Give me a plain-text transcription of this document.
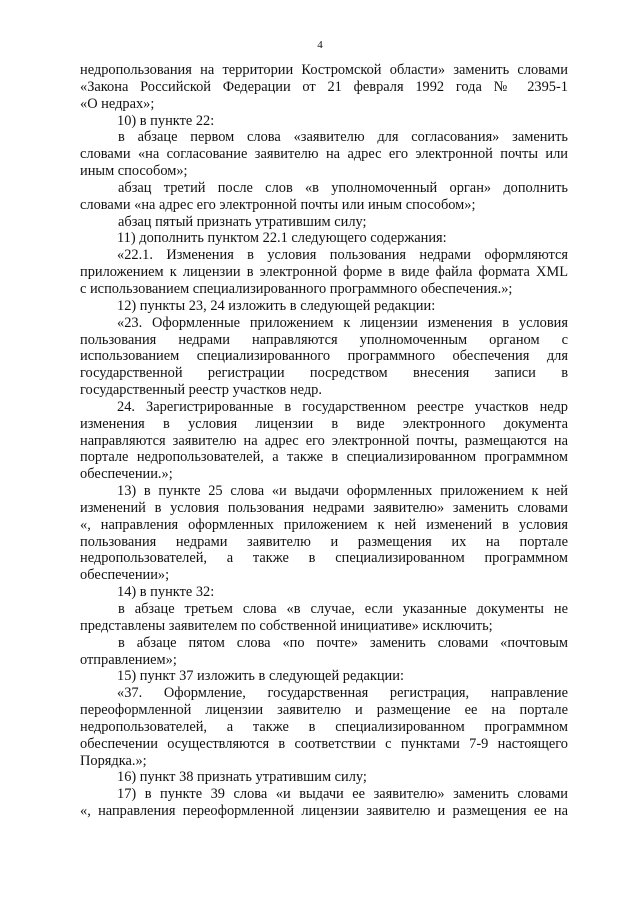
4
недропользования на территории Костромской области» заменить словами
«Закона Российской Федерации от 21 февраля 1992 года № 2395-1
«О недрах»;
10) в пункте 22:
в абзаце первом слова «заявителю для согласования» заменить
словами «на согласование заявителю на адрес его электронной почты или
иным способом»;
абзац третий после слов «в уполномоченный орган» дополнить
словами «на адрес его электронной почты или иным способом»;
абзац пятый признать утратившим силу;
11) дополнить пунктом 22.1 следующего содержания:
«22.1. Изменения в условия пользования недрами оформляются
приложением к лицензии в электронной форме в виде файла формата XML
с использованием специализированного программного обеспечения.»;
12) пункты 23, 24 изложить в следующей редакции:
«23. Оформленные приложением к лицензии изменения в условия
пользования недрами направляются уполномоченным органом с
использованием специализированного программного обеспечения для
государственной регистрации посредством внесения записи в
государственный реестр участков недр.
24. Зарегистрированные в государственном реестре участков недр
изменения в условия лицензии в виде электронного документа
направляются заявителю на адрес его электронной почты, размещаются на
портале недропользователей, а также в специализированном программном
обеспечении.»;
13) в пункте 25 слова «и выдачи оформленных приложением к ней
изменений в условия пользования недрами заявителю» заменить словами
«, направления оформленных приложением к ней изменений в условия
пользования недрами заявителю и размещения их на портале
недропользователей, а также в специализированном программном
обеспечении»;
14) в пункте 32:
в абзаце третьем слова «в случае, если указанные документы не
представлены заявителем по собственной инициативе» исключить;
в абзаце пятом слова «по почте» заменить словами «почтовым
отправлением»;
15) пункт 37 изложить в следующей редакции:
«37. Оформление, государственная регистрация, направление
переоформленной лицензии заявителю и размещение ее на портале
недропользователей, а также в специализированном программном
обеспечении осуществляются в соответствии с пунктами 7-9 настоящего
Порядка.»;
16) пункт 38 признать утратившим силу;
17) в пункте 39 слова «и выдачи ее заявителю» заменить словами
«, направления переоформленной лицензии заявителю и размещения ее на
